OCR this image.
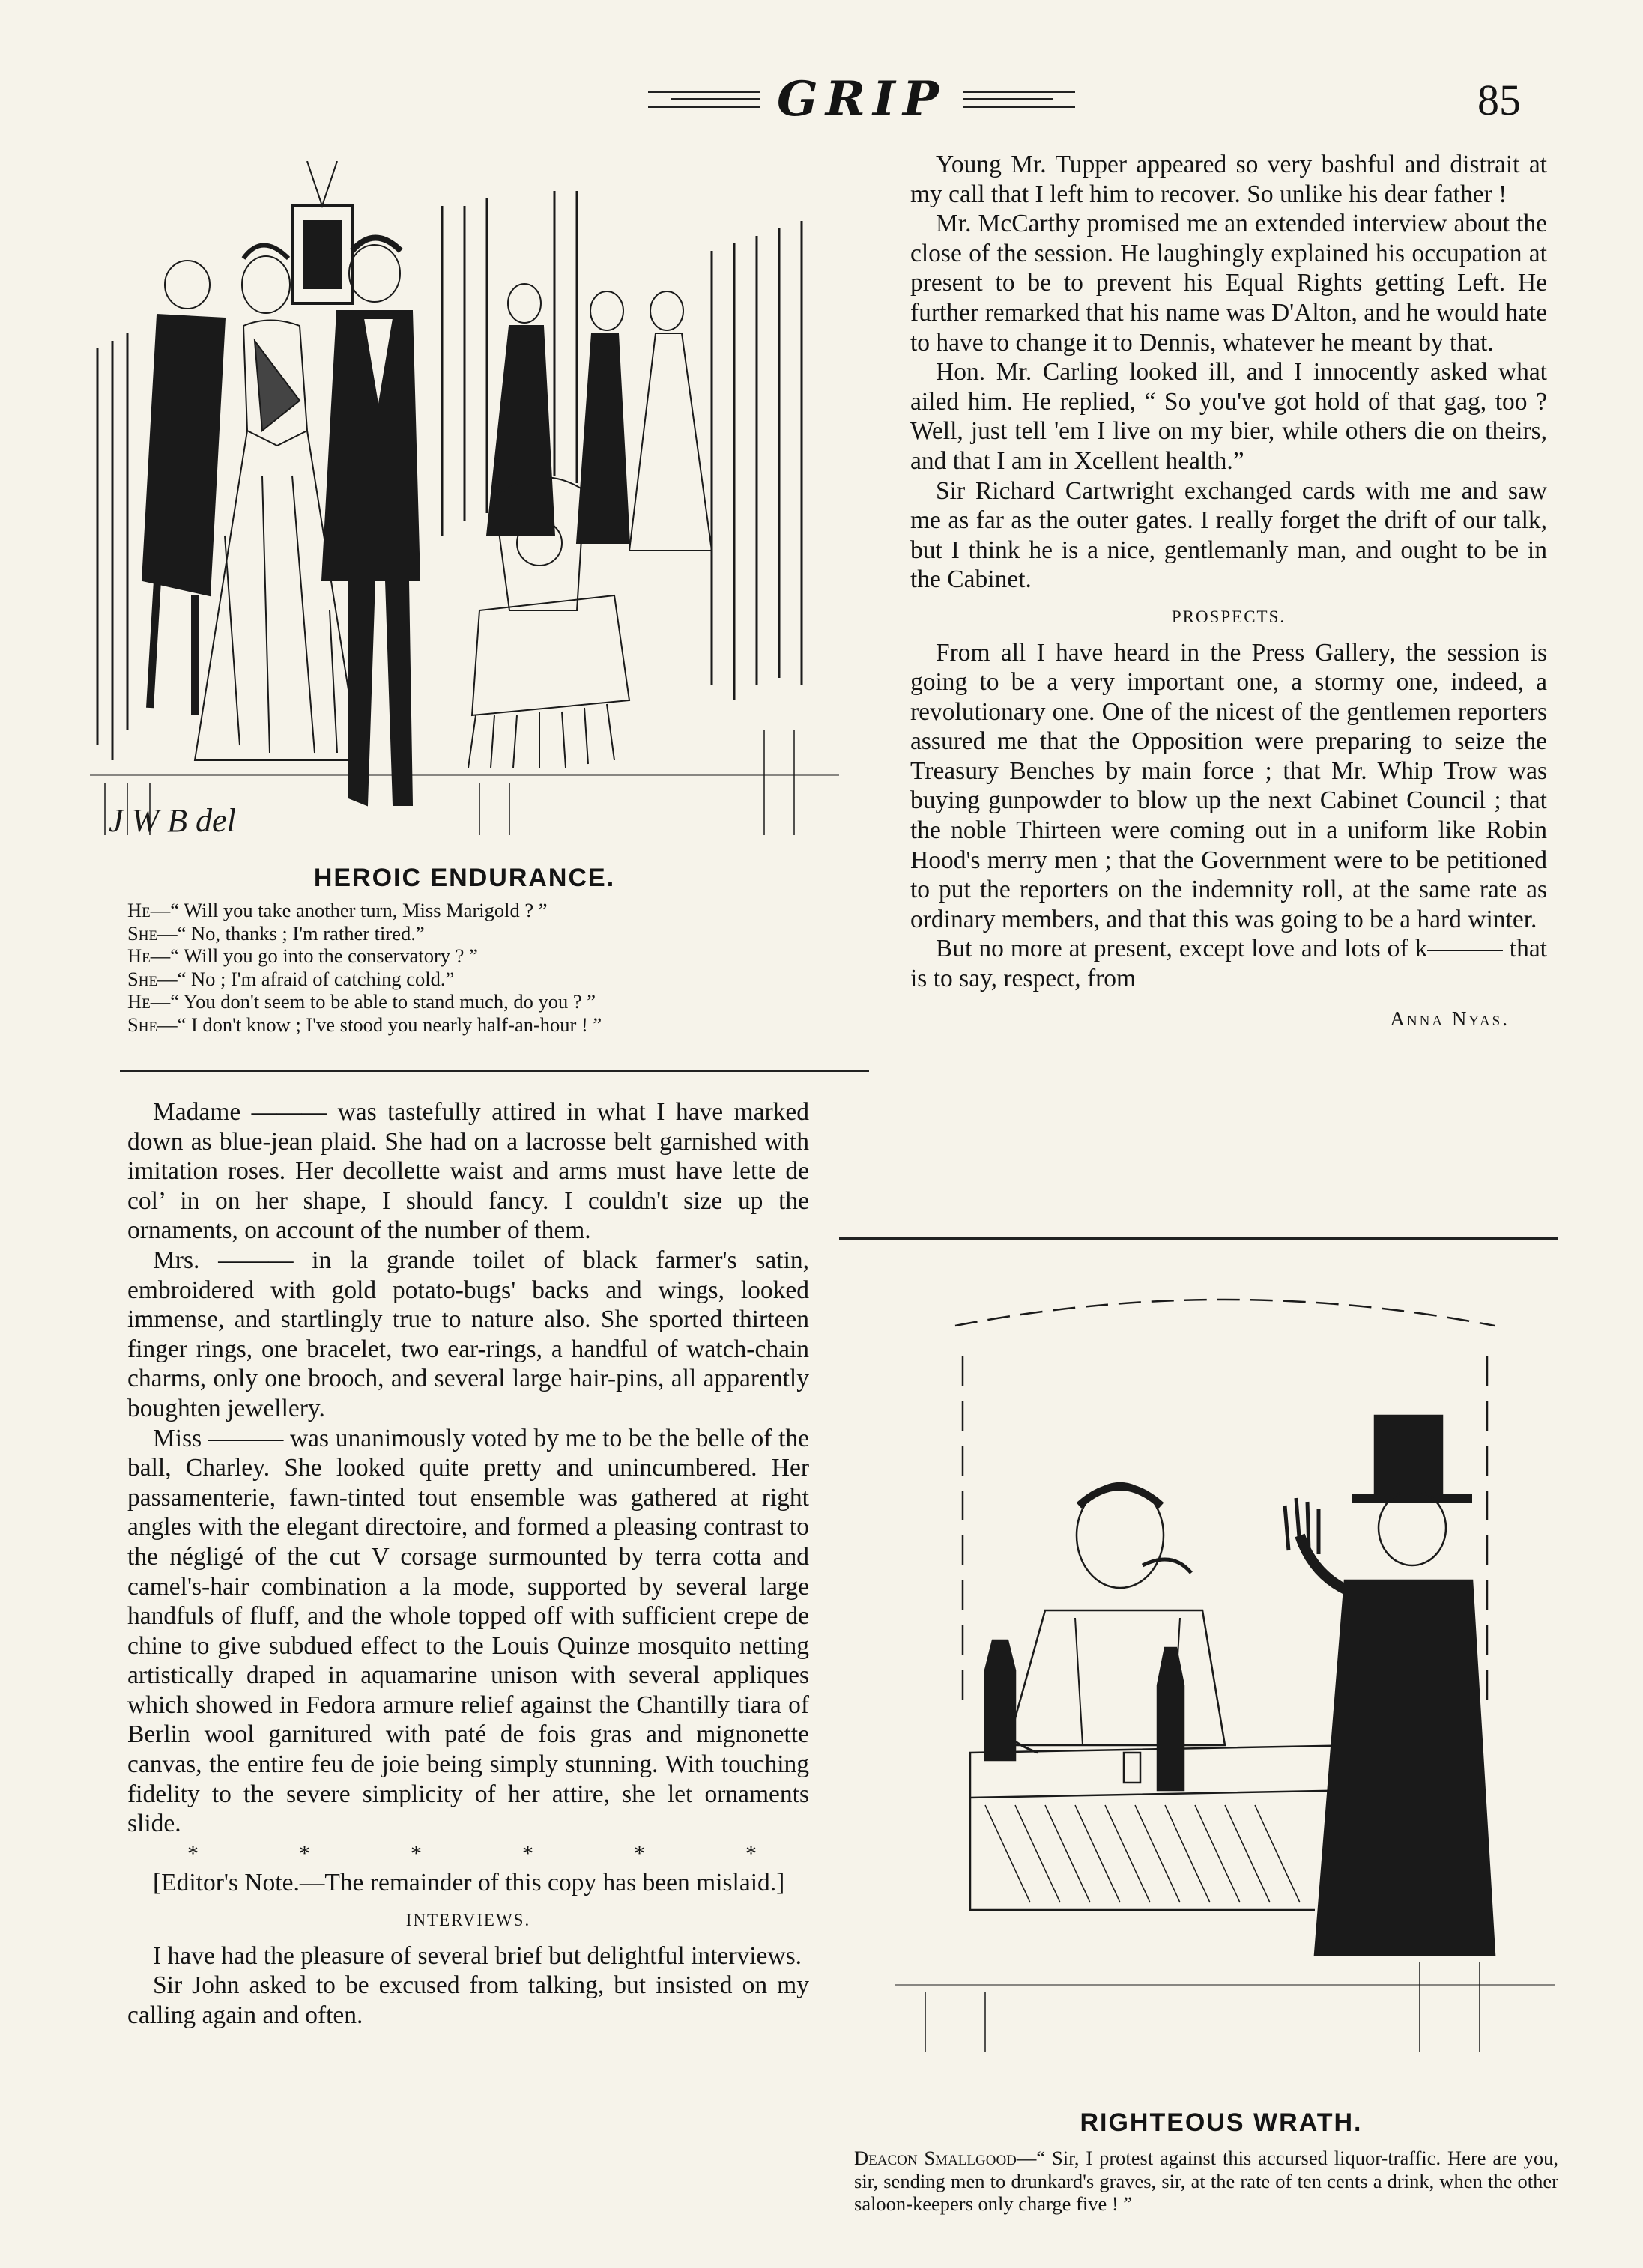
GRIP	85
J W B del
HEROIC ENDURANCE.
He—“ Will you take another turn, Miss Marigold ? ”
She—“ No, thanks ; I'm rather tired.”
He—“ Will you go into the conservatory ? ”
She—“ No ; I'm afraid of catching cold.”
He—“ You don't seem to be able to stand much, do you ? ”
She—“ I don't know ; I've stood you nearly half-an-hour ! ”

Madame ——— was tastefully attired in what I have marked down as blue-jean plaid. She had on a lacrosse belt garnished with imitation roses. Her decollette waist and arms must have lette de col’ in on her shape, I should fancy. I couldn't size up the ornaments, on account of the number of them.

Mrs. ——— in la grande toilet of black farmer's satin, embroidered with gold potato-bugs' backs and wings, looked immense, and startlingly true to nature also. She sported thirteen finger rings, one bracelet, two ear-rings, a handful of watch-chain charms, only one brooch, and several large hair-pins, all apparently boughten jewellery.

Miss ——— was unanimously voted by me to be the belle of the ball, Charley. She looked quite pretty and unincumbered. Her passamenterie, fawn-tinted tout ensemble was gathered at right angles with the elegant directoire, and formed a pleasing contrast to the négligé of the cut V corsage surmounted by terra cotta and camel's-hair combination a la mode, supported by several large handfuls of fluff, and the whole topped off with sufficient crepe de chine to give subdued effect to the Louis Quinze mosquito netting artistically draped in aquamarine unison with several appliques which showed in Fedora armure relief against the Chantilly tiara of Berlin wool garnitured with paté de fois gras and mignonette canvas, the entire feu de joie being simply stunning. With touching fidelity to the severe simplicity of her attire, she let ornaments slide.

*	*	*	*	*	*

[Editor's Note.—The remainder of this copy has been mislaid.]

INTERVIEWS.

I have had the pleasure of several brief but delightful interviews.

Sir John asked to be excused from talking, but insisted on my calling again and often.

Young Mr. Tupper appeared so very bashful and distrait at my call that I left him to recover. So unlike his dear father !

Mr. McCarthy promised me an extended interview about the close of the session. He laughingly explained his occupation at present to be to prevent his Equal Rights getting Left. He further remarked that his name was D'Alton, and he would hate to have to change it to Dennis, whatever he meant by that.

Hon. Mr. Carling looked ill, and I innocently asked what ailed him. He replied, “ So you've got hold of that gag, too ? Well, just tell 'em I live on my bier, while others die on theirs, and that I am in Xcellent health.”

Sir Richard Cartwright exchanged cards with me and saw me as far as the outer gates. I really forget the drift of our talk, but I think he is a nice, gentlemanly man, and ought to be in the Cabinet.

PROSPECTS.

From all I have heard in the Press Gallery, the session is going to be a very important one, a stormy one, indeed, a revolutionary one. One of the nicest of the gentlemen reporters assured me that the Opposition were preparing to seize the Treasury Benches by main force ; that Mr. Whip Trow was buying gunpowder to blow up the next Cabinet Council ; that the noble Thirteen were coming out in a uniform like Robin Hood's merry men ; that the Government were to be petitioned to put the reporters on the indemnity roll, at the same rate as ordinary members, and that this was going to be a hard winter.

But no more at present, except love and lots of k——— that is to say, respect, from

Anna Nyas.
RIGHTEOUS WRATH.
Deacon Smallgood—“ Sir, I protest against this accursed liquor-traffic. Here are you, sir, sending men to drunkard's graves, sir, at the rate of ten cents a drink, when the other saloon-keepers only charge five ! ”
